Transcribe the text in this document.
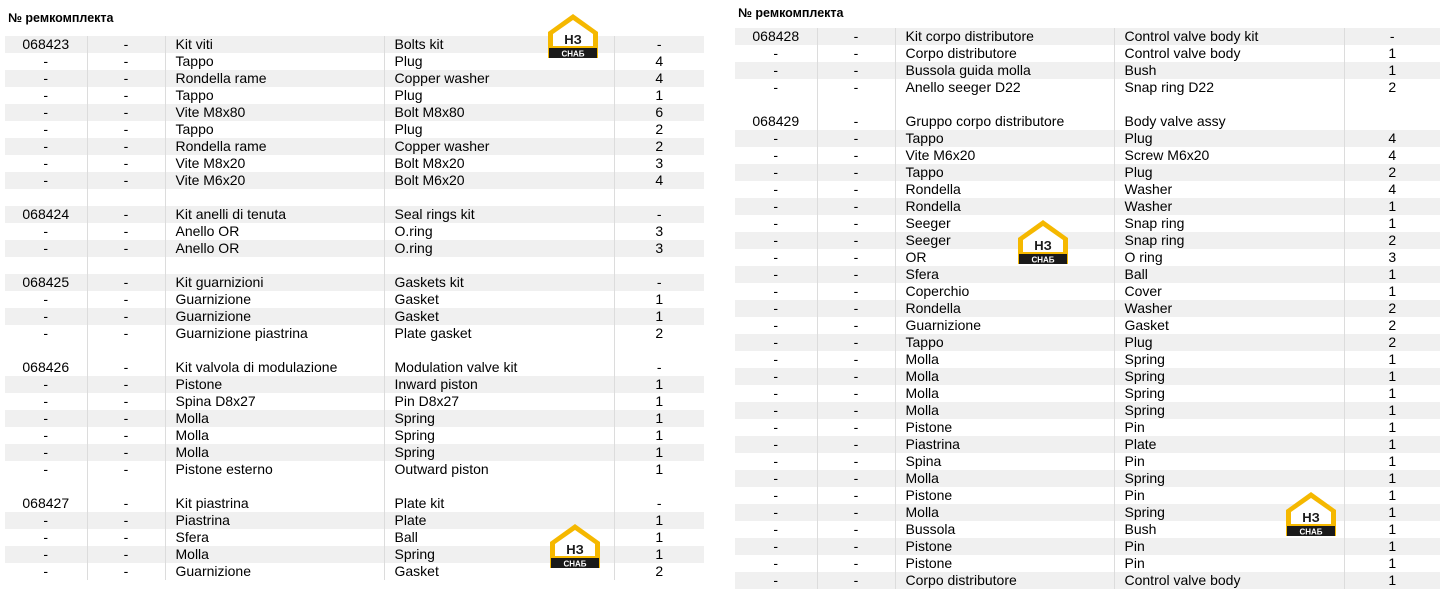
№ ремкомплекта
068423	-	Kit viti	Bolts kit	-
-	-	Tappo	Plug	4
-	-	Rondella rame	Copper washer	4
-	-	Tappo	Plug	1
-	-	Vite M8x80	Bolt M8x80	6
-	-	Tappo	Plug	2
-	-	Rondella rame	Copper washer	2
-	-	Vite M8x20	Bolt M8x20	3
-	-	Vite M6x20	Bolt M6x20	4

068424	-	Kit anelli di tenuta	Seal rings kit	-
-	-	Anello OR	O.ring	3
-	-	Anello OR	O.ring	3

068425	-	Kit guarnizioni	Gaskets kit	-
-	-	Guarnizione	Gasket	1
-	-	Guarnizione	Gasket	1
-	-	Guarnizione piastrina	Plate gasket	2

068426	-	Kit valvola di modulazione	Modulation valve kit	-
-	-	Pistone	Inward piston	1
-	-	Spina D8x27	Pin D8x27	1
-	-	Molla	Spring	1
-	-	Molla	Spring	1
-	-	Molla	Spring	1
-	-	Pistone esterno	Outward piston	1

068427	-	Kit piastrina	Plate kit	-
-	-	Piastrina	Plate	1
-	-	Sfera	Ball	1
-	-	Molla	Spring	1
-	-	Guarnizione	Gasket	2
№ ремкомплекта
068428	-	Kit corpo distributore	Control valve body kit	-
-	-	Corpo distributore	Control valve body	1
-	-	Bussola guida molla	Bush	1
-	-	Anello seeger D22	Snap ring D22	2

068429	-	Gruppo corpo distributore	Body valve assy	
-	-	Tappo	Plug	4
-	-	Vite M6x20	Screw M6x20	4
-	-	Tappo	Plug	2
-	-	Rondella	Washer	4
-	-	Rondella	Washer	1
-	-	Seeger	Snap ring	1
-	-	Seeger	Snap ring	2
-	-	OR	O ring	3
-	-	Sfera	Ball	1
-	-	Coperchio	Cover	1
-	-	Rondella	Washer	2
-	-	Guarnizione	Gasket	2
-	-	Tappo	Plug	2
-	-	Molla	Spring	1
-	-	Molla	Spring	1
-	-	Molla	Spring	1
-	-	Molla	Spring	1
-	-	Pistone	Pin	1
-	-	Piastrina	Plate	1
-	-	Spina	Pin	1
-	-	Molla	Spring	1
-	-	Pistone	Pin	1
-	-	Molla	Spring	1
-	-	Bussola	Bush	1
-	-	Pistone	Pin	1
-	-	Pistone	Pin	1
-	-	Corpo distributore	Control valve body	1
НЗ
СНАБ
НЗ
СНАБ
НЗ
СНАБ
НЗ
СНАБ
